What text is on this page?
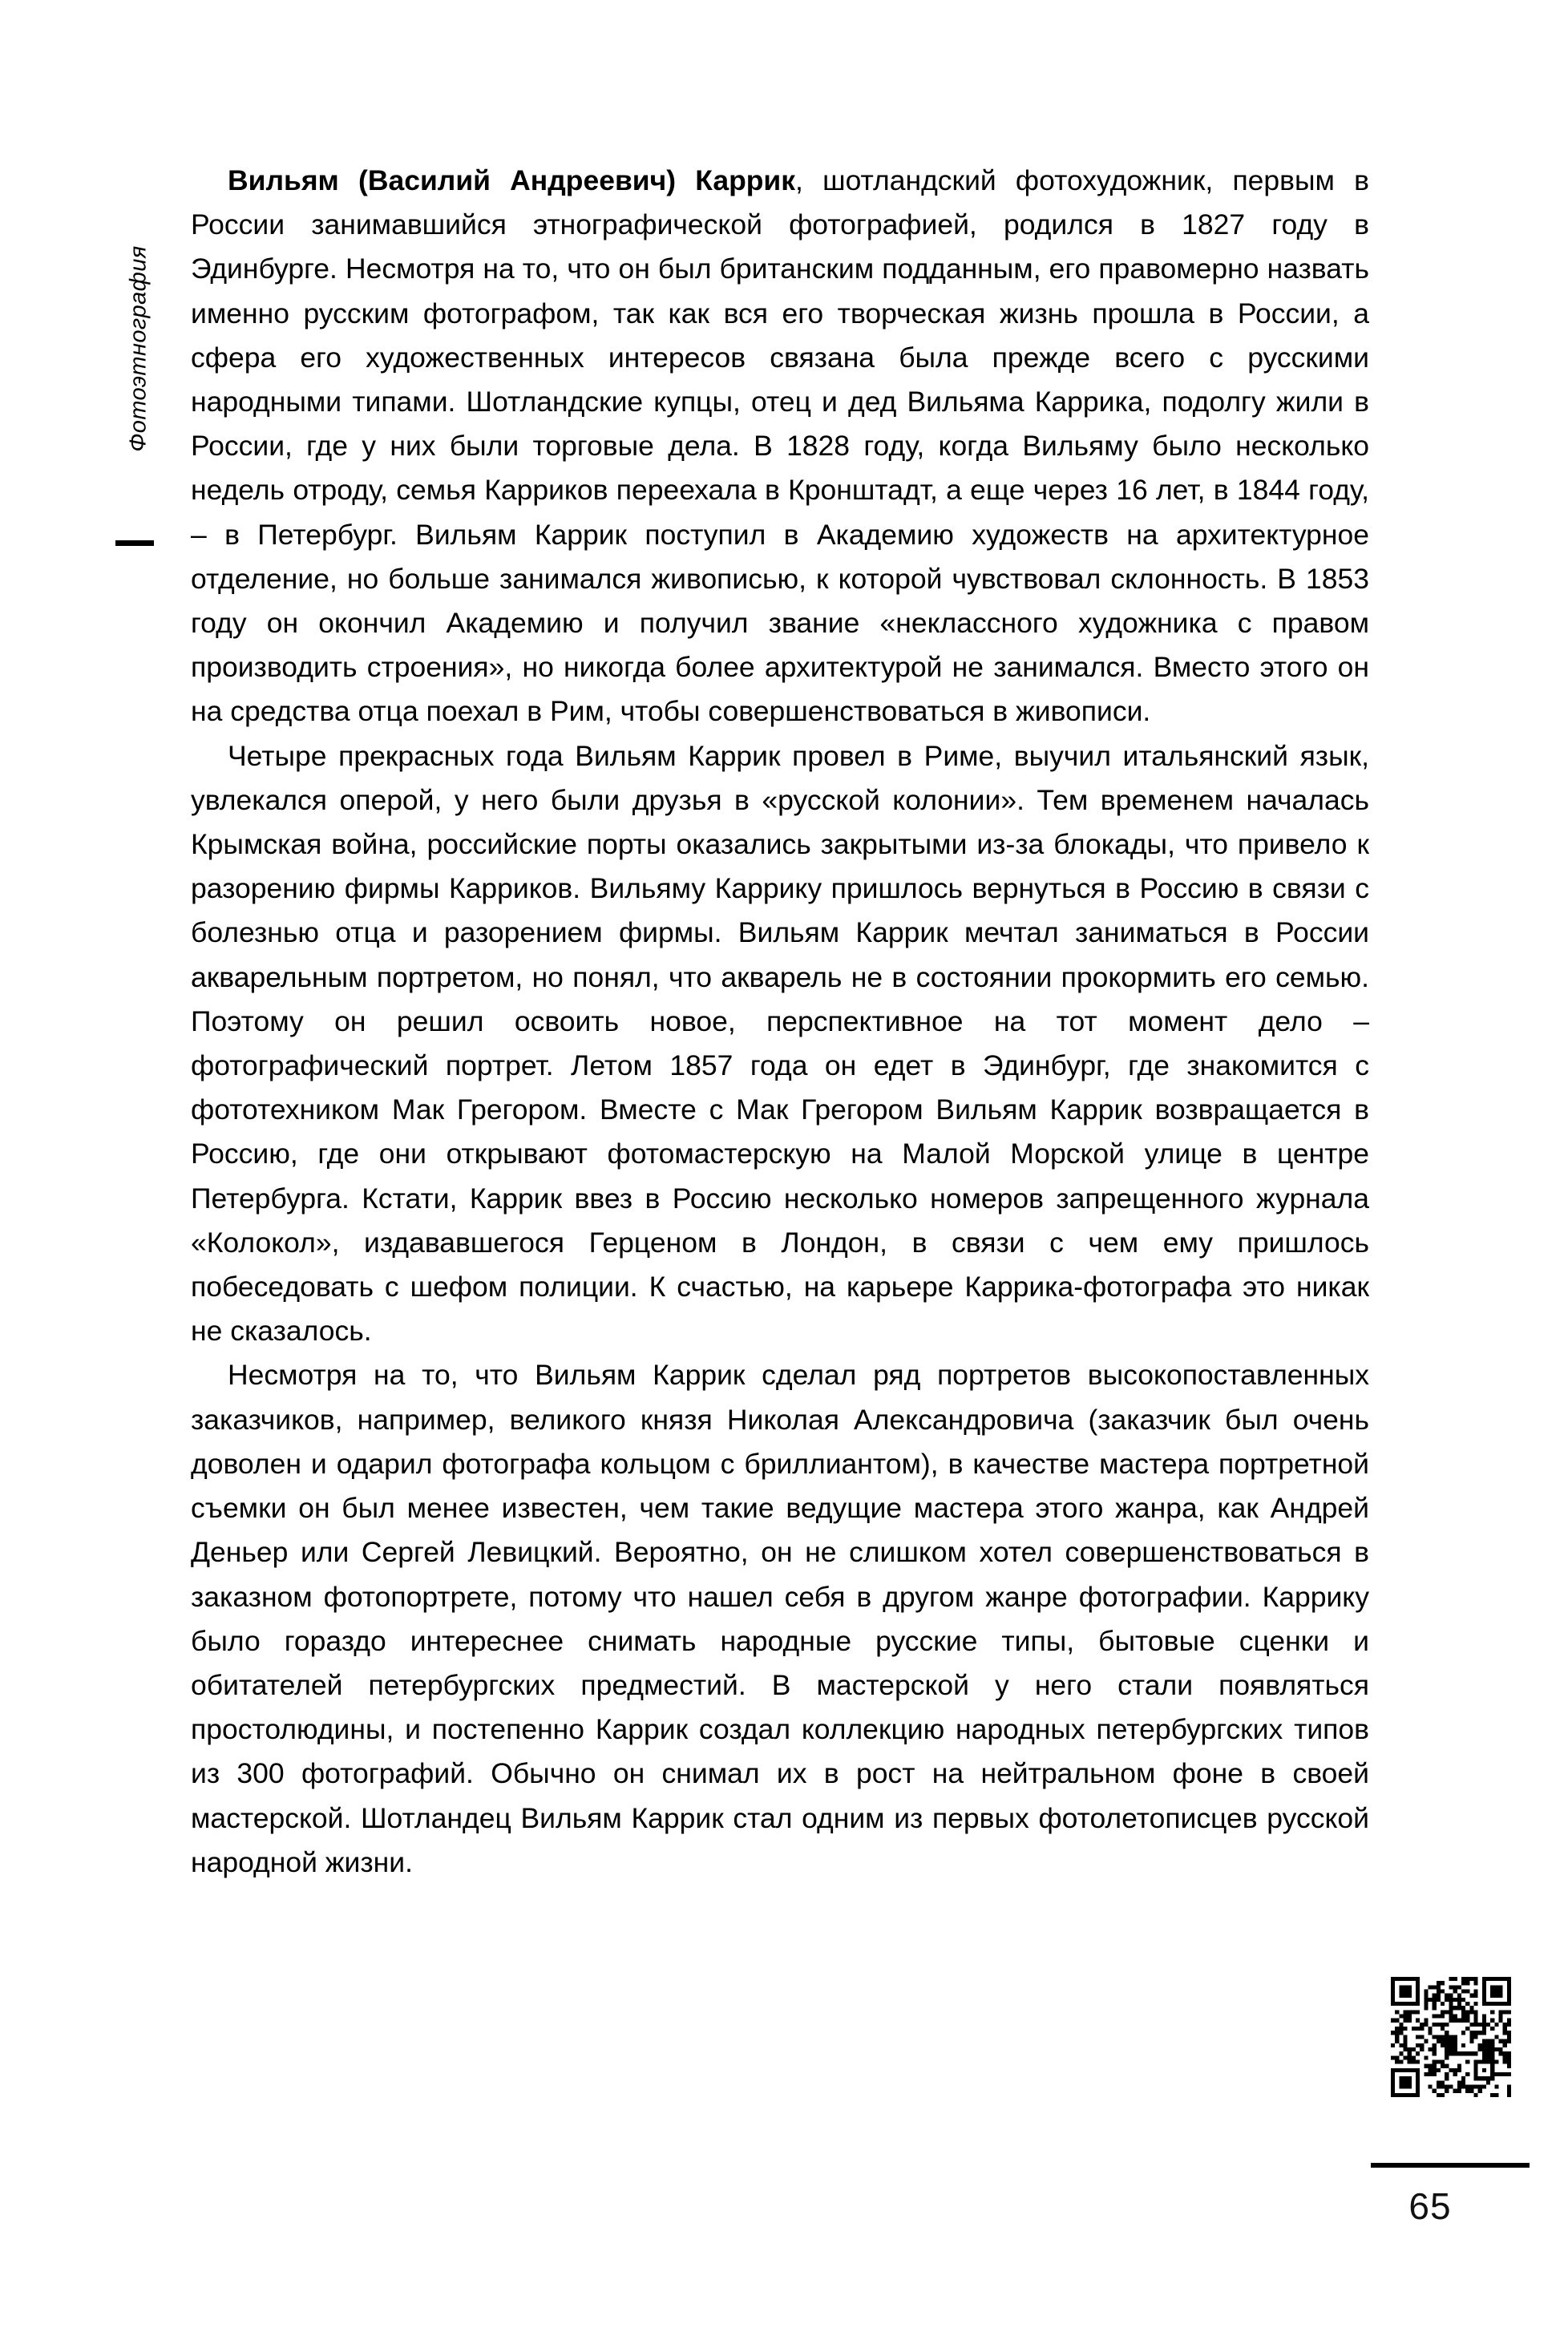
Фотоэтнография

Вильям (Василий Андреевич) Каррик, шотландский фотохудожник, первым в России занимавшийся этнографической фотографией, родился в 1827 году в Эдинбурге. Несмотря на то, что он был британским подданным, его правомерно назвать именно русским фотографом, так как вся его творческая жизнь прошла в России, а сфера его художественных интересов связана была прежде всего с русскими народными типами. Шотландские купцы, отец и дед Вильяма Каррика, подолгу жили в России, где у них были торговые дела. В 1828 году, когда Вильяму было несколько недель отроду, семья Карриков переехала в Кронштадт, а еще через 16 лет, в 1844 году, – в Петербург. Вильям Каррик поступил в Академию художеств на архитектурное отделение, но больше занимался живописью, к которой чувствовал склонность. В 1853 году он окончил Академию и получил звание «неклассного художника с правом производить строения», но никогда более архитектурой не занимался. Вместо этого он на средства отца поехал в Рим, чтобы совершенствоваться в живописи.

Четыре прекрасных года Вильям Каррик провел в Риме, выучил итальянский язык, увлекался оперой, у него были друзья в «русской колонии». Тем временем началась Крымская война, российские порты оказались закрытыми из-за блокады, что привело к разорению фирмы Карриков. Вильяму Каррику пришлось вернуться в Россию в связи с болезнью отца и разорением фирмы. Вильям Каррик мечтал заниматься в России акварельным портретом, но понял, что акварель не в состоянии прокормить его семью. Поэтому он решил освоить новое, перспективное на тот момент дело – фотографический портрет. Летом 1857 года он едет в Эдинбург, где знакомится с фототехником Мак Грегором. Вместе с Мак Грегором Вильям Каррик возвращается в Россию, где они открывают фотомастерскую на Малой Морской улице в центре Петербурга. Кстати, Каррик ввез в Россию несколько номеров запрещенного журнала «Колокол», издававшегося Герценом в Лондон, в связи с чем ему пришлось побеседовать с шефом полиции. К счастью, на карьере Каррика-фотографа это никак не сказалось.

Несмотря на то, что Вильям Каррик сделал ряд портретов высокопоставленных заказчиков, например, великого князя Николая Александровича (заказчик был очень доволен и одарил фотографа кольцом с бриллиантом), в качестве мастера портретной съемки он был менее известен, чем такие ведущие мастера этого жанра, как Андрей Деньер или Сергей Левицкий. Вероятно, он не слишком хотел совершенствоваться в заказном фотопортрете, потому что нашел себя в другом жанре фотографии. Каррику было гораздо интереснее снимать народные русские типы, бытовые сценки и обитателей петербургских предместий. В мастерской у него стали появляться простолюдины, и постепенно Каррик создал коллекцию народных петербургских типов из 300 фотографий. Обычно он снимал их в рост на нейтральном фоне в своей мастерской. Шотландец Вильям Каррик стал одним из первых фотолетописцев русской народной жизни.

65
